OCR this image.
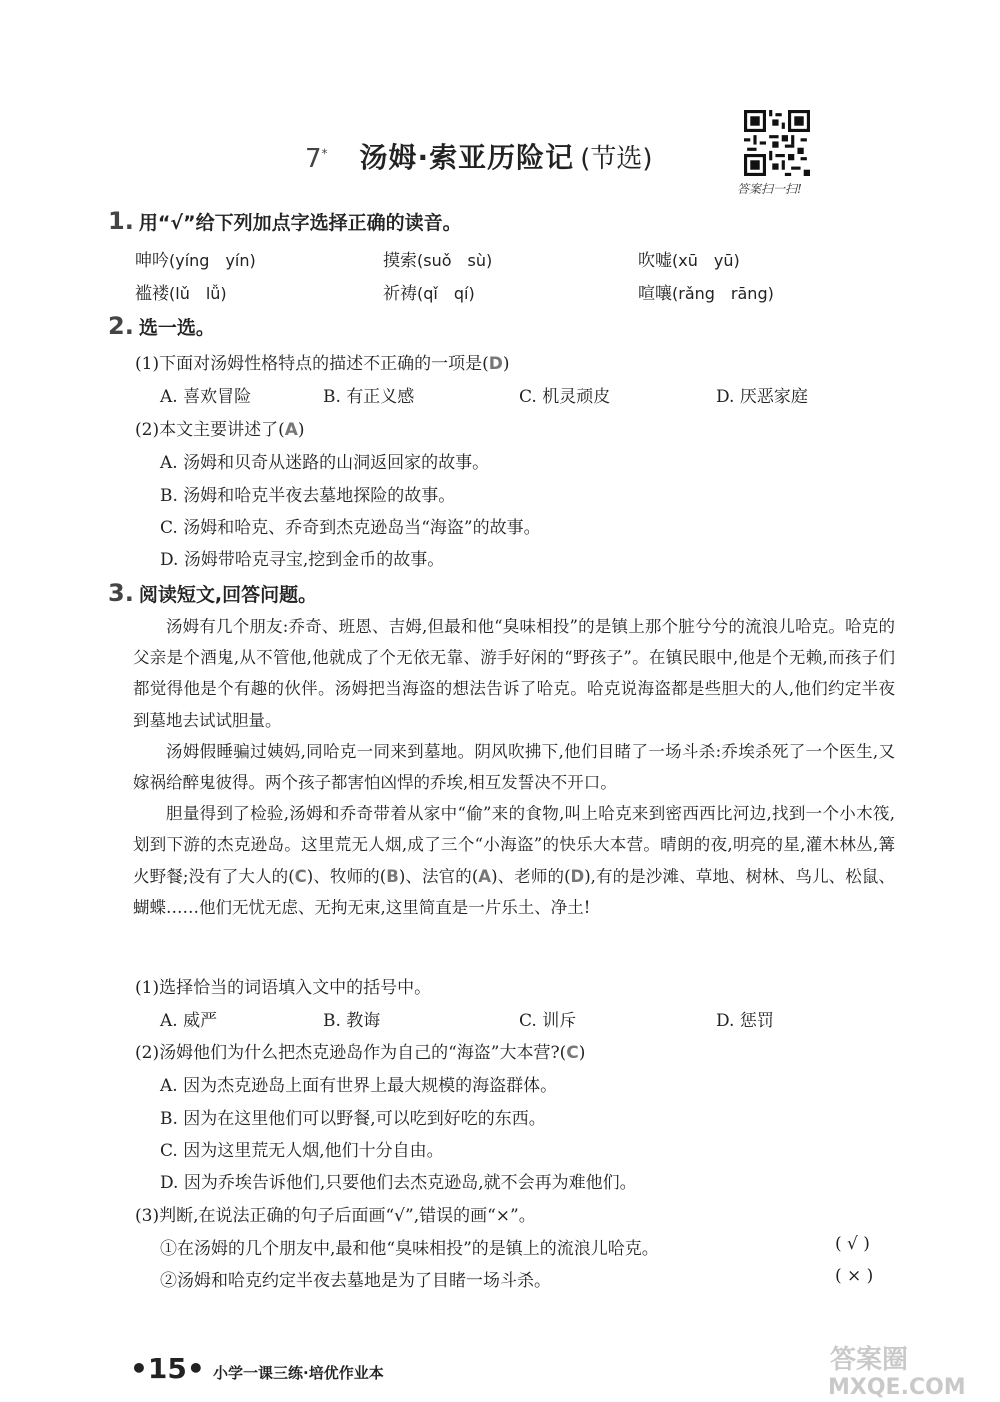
7* 汤姆·索亚历险记 (节选)
答案扫一扫!
1. 用“√”给下列加点字选择正确的读音。
呻吟(yíng　yín)	摸索(suǒ　sù)	吹嘘(xū　yū)
褴褛(lǔ　lǚ)	祈祷(qǐ　qí)	喧嚷(rǎng　rāng)
2. 选一选。
(1)下面对汤姆性格特点的描述不正确的一项是(D)
A. 喜欢冒险	B. 有正义感	C. 机灵顽皮	D. 厌恶家庭
(2)本文主要讲述了(A)
A. 汤姆和贝奇从迷路的山洞返回家的故事。
B. 汤姆和哈克半夜去墓地探险的故事。
C. 汤姆和哈克、乔奇到杰克逊岛当“海盗”的故事。
D. 汤姆带哈克寻宝,挖到金币的故事。
3. 阅读短文,回答问题。

汤姆有几个朋友:乔奇、班恩、吉姆,但最和他“臭味相投”的是镇上那个脏兮兮的流浪儿哈克。哈克的父亲是个酒鬼,从不管他,他就成了个无依无靠、游手好闲的“野孩子”。在镇民眼中,他是个无赖,而孩子们都觉得他是个有趣的伙伴。汤姆把当海盗的想法告诉了哈克。哈克说海盗都是些胆大的人,他们约定半夜到墓地去试试胆量。

汤姆假睡骗过姨妈,同哈克一同来到墓地。阴风吹拂下,他们目睹了一场斗杀:乔埃杀死了一个医生,又嫁祸给醉鬼彼得。两个孩子都害怕凶悍的乔埃,相互发誓决不开口。

胆量得到了检验,汤姆和乔奇带着从家中“偷”来的食物,叫上哈克来到密西西比河边,找到一个小木筏,划到下游的杰克逊岛。这里荒无人烟,成了三个“小海盗”的快乐大本营。晴朗的夜,明亮的星,灌木林丛,篝火野餐;没有了大人的(C)、牧师的(B)、法官的(A)、老师的(D),有的是沙滩、草地、树林、鸟儿、松鼠、蝴蝶……他们无忧无虑、无拘无束,这里简直是一片乐土、净土!

(1)选择恰当的词语填入文中的括号中。
A. 威严	B. 教诲	C. 训斥	D. 惩罚
(2)汤姆他们为什么把杰克逊岛作为自己的“海盗”大本营?(C)
A. 因为杰克逊岛上面有世界上最大规模的海盗群体。
B. 因为在这里他们可以野餐,可以吃到好吃的东西。
C. 因为这里荒无人烟,他们十分自由。
D. 因为乔埃告诉他们,只要他们去杰克逊岛,就不会再为难他们。
(3)判断,在说法正确的句子后面画“√”,错误的画“×”。
①在汤姆的几个朋友中,最和他“臭味相投”的是镇上的流浪儿哈克。	( √ )
②汤姆和哈克约定半夜去墓地是为了目睹一场斗杀。	( × )
•15• 小学一课三练·培优作业本	答案圈
MXQE.COM
